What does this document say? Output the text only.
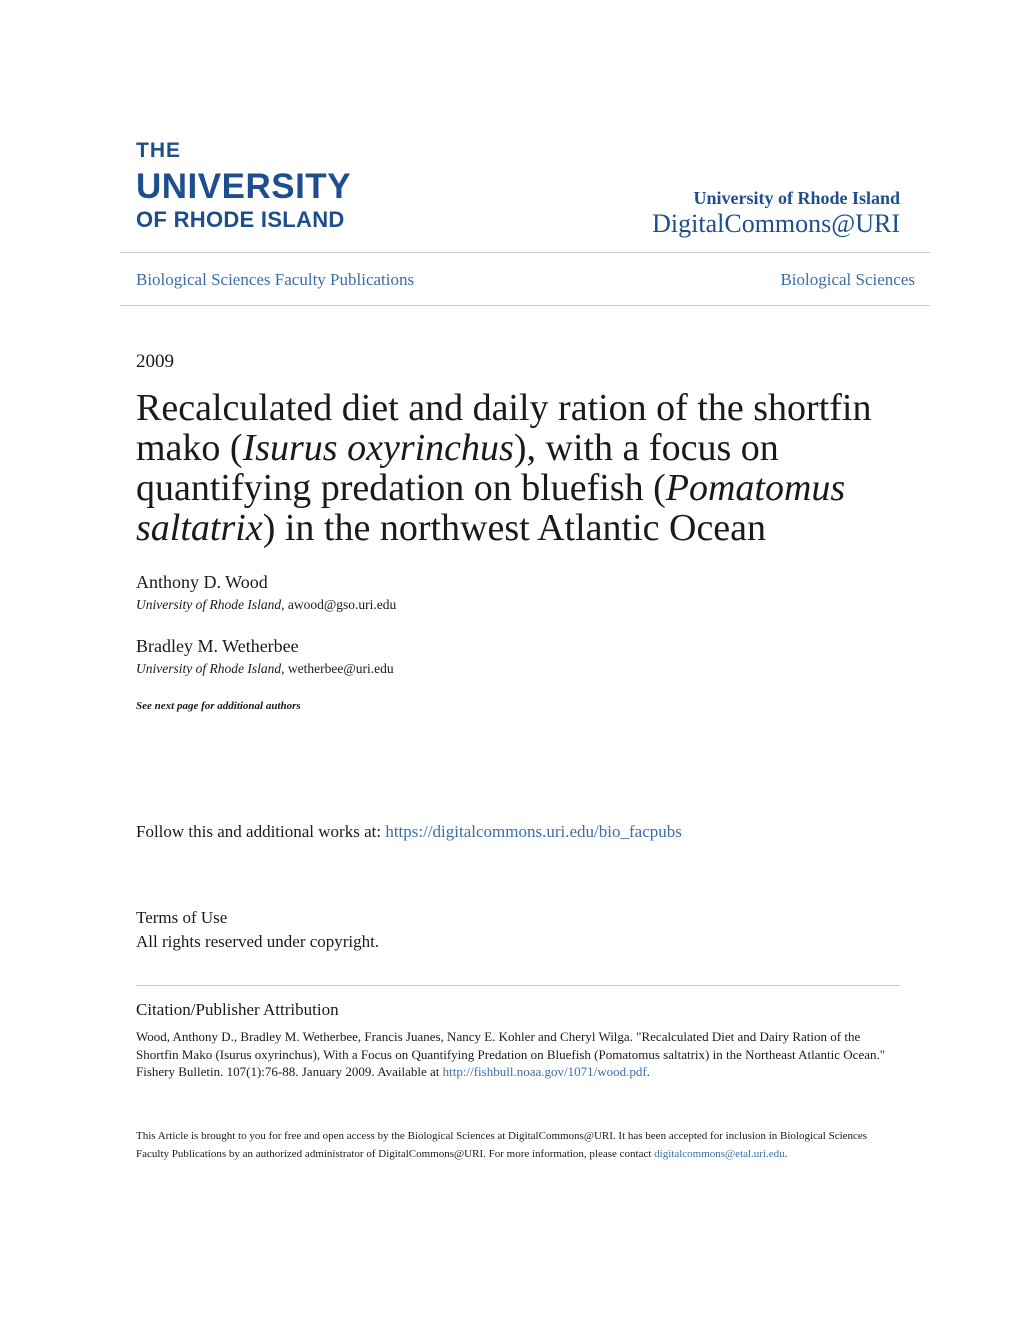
THE
UNIVERSITY
OF RHODE ISLAND
University of Rhode Island
DigitalCommons@URI
Biological Sciences Faculty Publications	Biological Sciences
2009
Recalculated diet and daily ration of the shortfin mako (Isurus oxyrinchus), with a focus on quantifying predation on bluefish (Pomatomus saltatrix) in the northwest Atlantic Ocean
Anthony D. Wood
University of Rhode Island, awood@gso.uri.edu
Bradley M. Wetherbee
University of Rhode Island, wetherbee@uri.edu
See next page for additional authors
Follow this and additional works at: https://digitalcommons.uri.edu/bio_facpubs
Terms of Use
All rights reserved under copyright.
Citation/Publisher Attribution
Wood, Anthony D., Bradley M. Wetherbee, Francis Juanes, Nancy E. Kohler and Cheryl Wilga. "Recalculated Diet and Dairy Ration of the Shortfin Mako (Isurus oxyrinchus), With a Focus on Quantifying Predation on Bluefish (Pomatomus saltatrix) in the Northeast Atlantic Ocean." Fishery Bulletin. 107(1):76-88. January 2009. Available at http://fishbull.noaa.gov/1071/wood.pdf.
This Article is brought to you for free and open access by the Biological Sciences at DigitalCommons@URI. It has been accepted for inclusion in Biological Sciences Faculty Publications by an authorized administrator of DigitalCommons@URI. For more information, please contact digitalcommons@etal.uri.edu.
